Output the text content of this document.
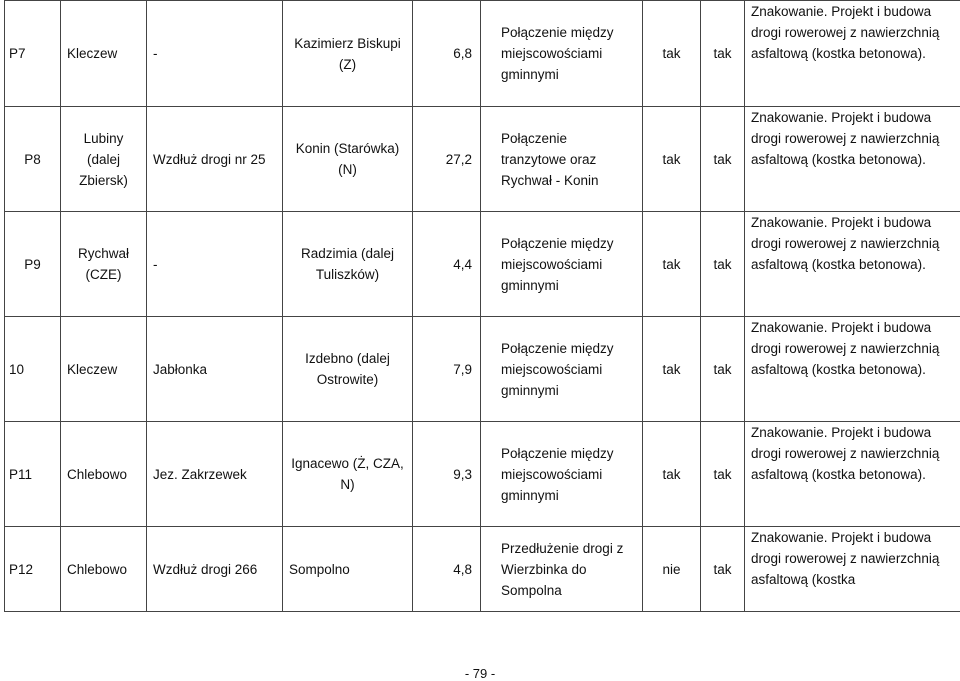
P7	Kleczew	-	Kazimierz Biskupi (Z)	6,8	Połączenie między miejscowościami gminnymi	tak	tak	Znakowanie. Projekt i budowa drogi rowerowej z nawierzchnią asfaltową (kostka betonowa).
P8	Lubiny (dalej Zbiersk)	Wzdłuż drogi nr 25	Konin (Starówka) (N)	27,2	Połączenie tranzytowe oraz Rychwał - Konin	tak	tak	Znakowanie. Projekt i budowa drogi rowerowej z nawierzchnią asfaltową (kostka betonowa).
P9	Rychwał (CZE)	-	Radzimia (dalej Tuliszków)	4,4	Połączenie między miejscowościami gminnymi	tak	tak	Znakowanie. Projekt i budowa drogi rowerowej z nawierzchnią asfaltową (kostka betonowa).
10	Kleczew	Jabłonka	Izdebno (dalej Ostrowite)	7,9	Połączenie między miejscowościami gminnymi	tak	tak	Znakowanie. Projekt i budowa drogi rowerowej z nawierzchnią asfaltową (kostka betonowa).
P11	Chlebowo	Jez. Zakrzewek	Ignacewo (Ż, CZA, N)	9,3	Połączenie między miejscowościami gminnymi	tak	tak	Znakowanie. Projekt i budowa drogi rowerowej z nawierzchnią asfaltową (kostka betonowa).
P12	Chlebowo	Wzdłuż drogi 266	Sompolno	4,8	Przedłużenie drogi z Wierzbinka do Sompolna	nie	tak	Znakowanie. Projekt i budowa drogi rowerowej z nawierzchnią asfaltową (kostka
- 79 -
